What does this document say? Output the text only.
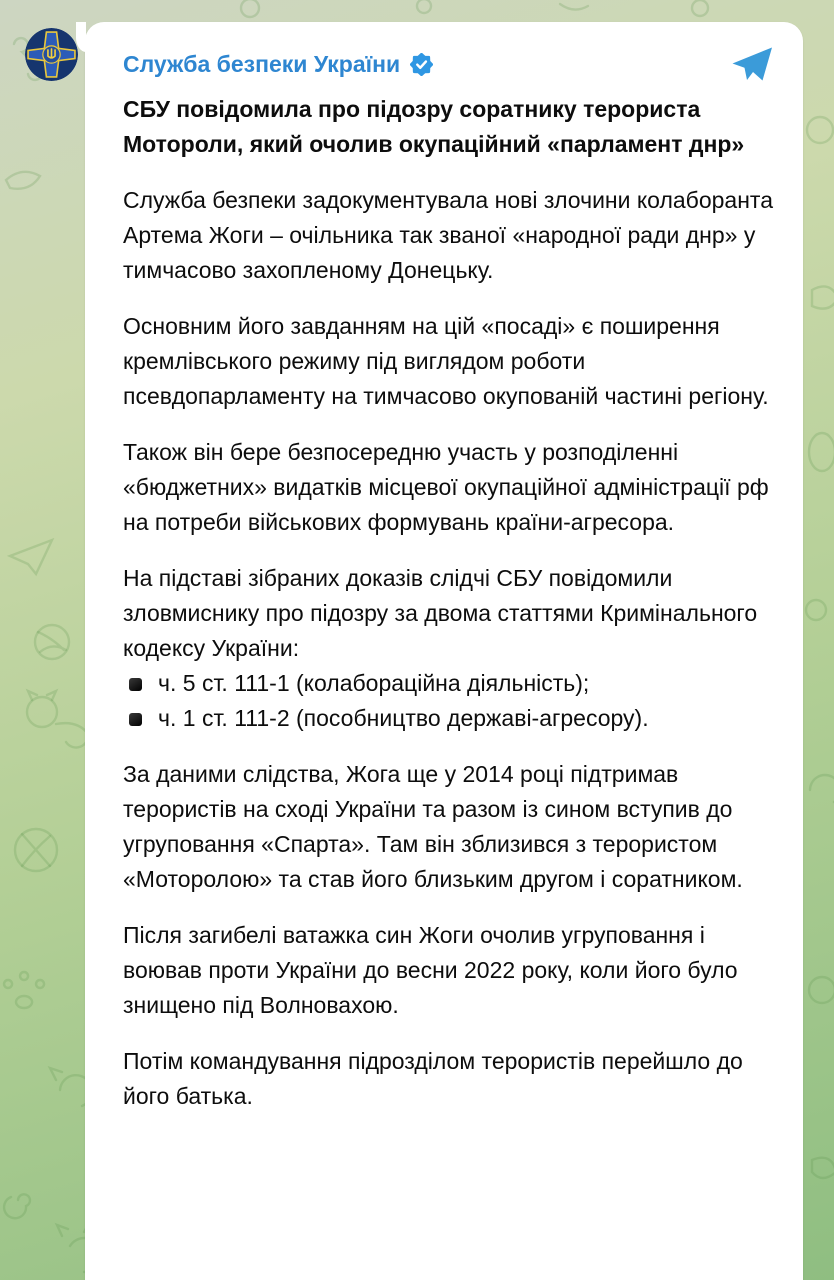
Служба безпеки України
СБУ повідомила про підозру соратнику терориста Мотороли, який очолив окупаційний «парламент днр»
Служба безпеки задокументувала нові злочини колаборанта Артема Жоги – очільника так званої «народної ради днр» у тимчасово захопленому Донецьку.
Основним його завданням на цій «посаді» є поширення кремлівського режиму під виглядом роботи псевдопарламенту на тимчасово окупованій частині регіону.
Також він бере безпосередню участь у розподіленні «бюджетних» видатків місцевої окупаційної адміністрації рф на потреби військових формувань країни-агресора.
На підставі зібраних доказів слідчі СБУ повідомили зловмиснику про підозру за двома статтями Кримінального кодексу України:
ч. 5 ст. 111-1 (колабораційна діяльність);
ч. 1 ст. 111-2 (пособництво державі-агресору).
За даними слідства, Жога ще у 2014 році підтримав терористів на сході України та разом із сином вступив до угруповання «Спарта». Там він зблизився з терористом «Моторолою» та став його близьким другом і соратником.
Після загибелі ватажка син Жоги очолив угруповання і воював проти України до весни 2022 року, коли його було знищено під Волновахою.
Потім командування підрозділом терористів перейшло до його батька.
